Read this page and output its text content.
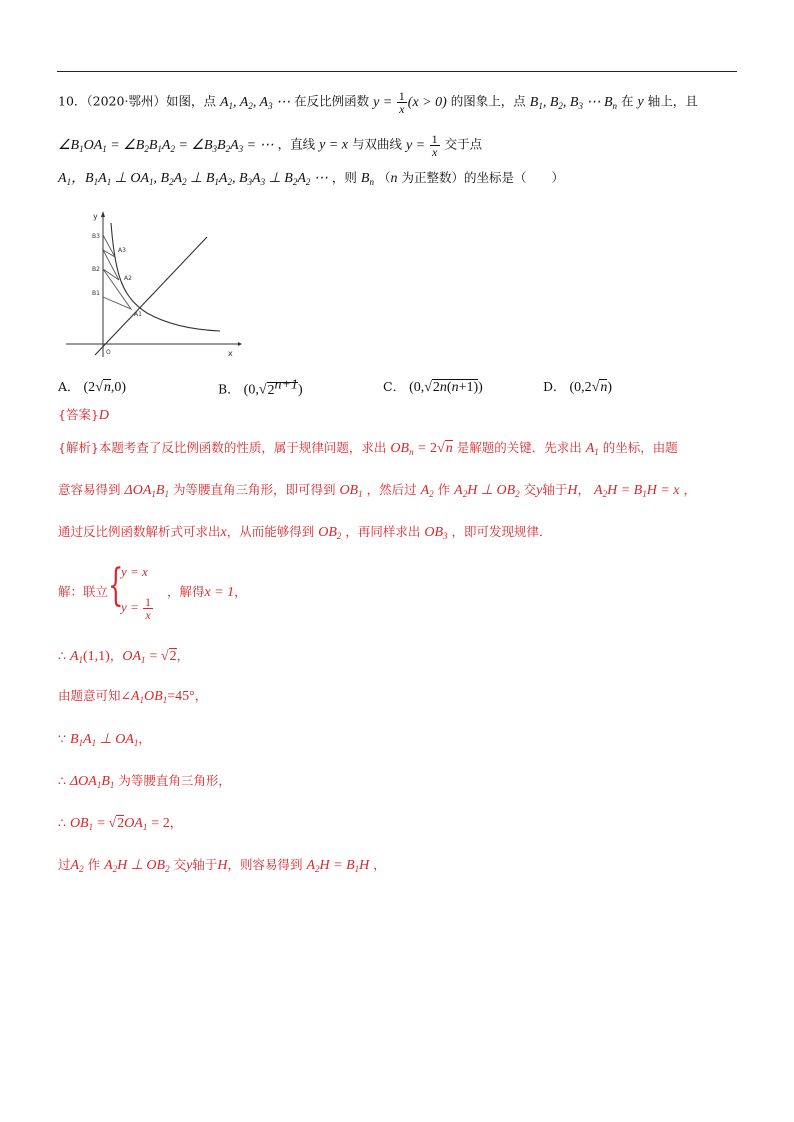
10．（2020·鄂州）如图，点 $A_1$, $A_2$, $A_3$ ⋯ 在反比例函数 $y = \frac{1}{x} (x > 0)$ 的图象上，点 $B_1$, $B_2$, $B_3$ ⋯ $B_n$ 在 y 轴上，且
$\angle B_1OA_1$ = $\angle B_2B_1A_2$ = $\angle B_3B_2A_3$ = ⋯ ，直线 y = x 与双曲线 $y = \frac{1}{x}$ 交于点
$A_1$，$B_1A_1$ ⊥ $OA_1$, $B_2A_2$ ⊥ $B_1A_2$, $B_3A_3$ ⊥ $B_2A_2$ ⋯ ，则 $B_n$ （n 为正整数）的坐标是（　　）
y
x
O
B3
B2
B1
A3
A2
A1
A． (2√n,0)	B． $(0,√2^{n+1})$	C． (0,√2n(n+1))	D． (0,2√n)
{答案}D
{解析}本题考查了反比例函数的性质，属于规律问题，求出 $OB_n = 2√n$ 是解题的关键．先求出 $A_1$ 的坐标，由题
意容易得到 $\Delta OA_1B_1$ 为等腰直角三角形，即可得到 $OB_1$ ，然后过 $A_2$ 作 $A_2H$ ⊥ $OB_2$ 交y轴于H， $A_2H = B_1H = x$ ，
通过反比例函数解析式可求出x，从而能够得到 $OB_2$ ，再同样求出 $OB_3$ ，即可发现规律．
解：联立 {
y = x
$y = \frac{1}{x}$
，解得x = 1，
∴ $A_1(1,1)$，$OA_1 = √2$，
由题意可知$\angle A_1OB_1=45^\circ$，
∵ $B_1A_1$ ⊥ $OA_1$，
∴ $\Delta OA_1B_1$ 为等腰直角三角形，
∴ $OB_1 = √2OA_1 = 2$，
过$A_2$ 作 $A_2H$ ⊥ $OB_2$ 交y轴于H，则容易得到 $A_2H = B_1H$ ，
